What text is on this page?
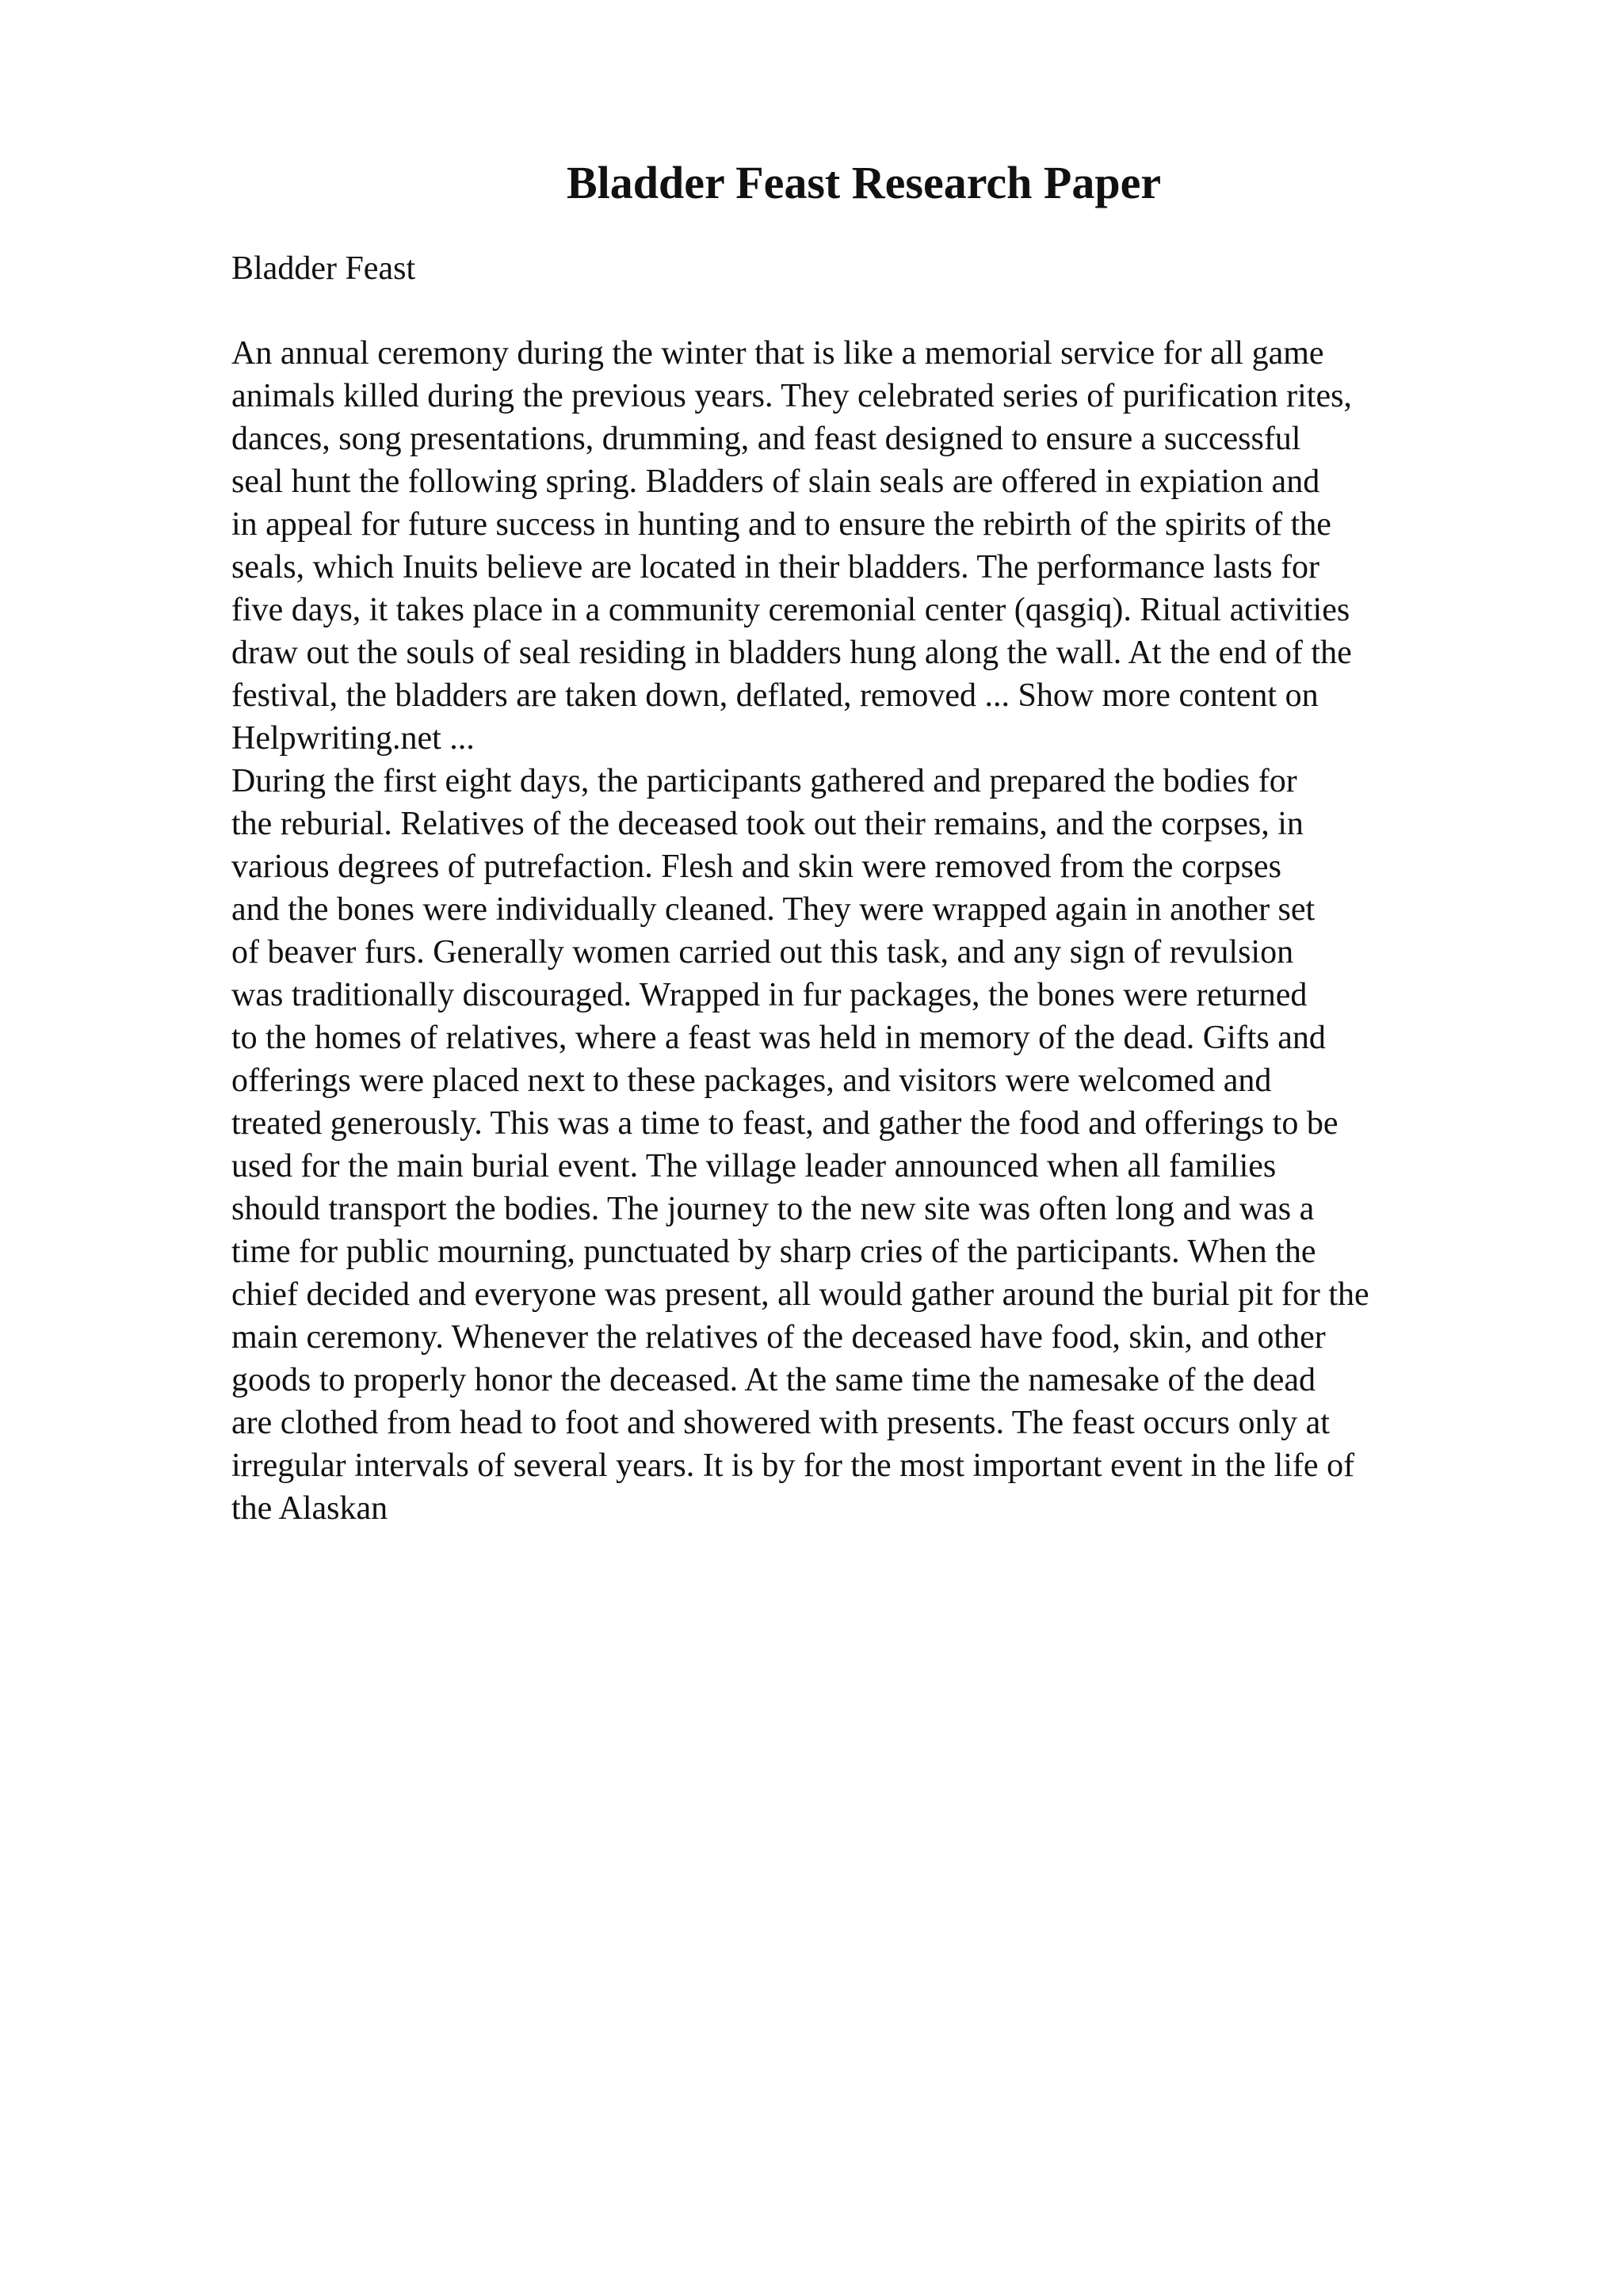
Bladder Feast Research Paper

Bladder Feast

An annual ceremony during the winter that is like a memorial service for all game
animals killed during the previous years. They celebrated series of purification rites,
dances, song presentations, drumming, and feast designed to ensure a successful
seal hunt the following spring. Bladders of slain seals are offered in expiation and
in appeal for future success in hunting and to ensure the rebirth of the spirits of the
seals, which Inuits believe are located in their bladders. The performance lasts for
five days, it takes place in a community ceremonial center (qasgiq). Ritual activities
draw out the souls of seal residing in bladders hung along the wall. At the end of the
festival, the bladders are taken down, deflated, removed ... Show more content on
Helpwriting.net ...
During the first eight days, the participants gathered and prepared the bodies for
the reburial. Relatives of the deceased took out their remains, and the corpses, in
various degrees of putrefaction. Flesh and skin were removed from the corpses
and the bones were individually cleaned. They were wrapped again in another set
of beaver furs. Generally women carried out this task, and any sign of revulsion
was traditionally discouraged. Wrapped in fur packages, the bones were returned
to the homes of relatives, where a feast was held in memory of the dead. Gifts and
offerings were placed next to these packages, and visitors were welcomed and
treated generously. This was a time to feast, and gather the food and offerings to be
used for the main burial event. The village leader announced when all families
should transport the bodies. The journey to the new site was often long and was a
time for public mourning, punctuated by sharp cries of the participants. When the
chief decided and everyone was present, all would gather around the burial pit for the
main ceremony. Whenever the relatives of the deceased have food, skin, and other
goods to properly honor the deceased. At the same time the namesake of the dead
are clothed from head to foot and showered with presents. The feast occurs only at
irregular intervals of several years. It is by for the most important event in the life of
the Alaskan
